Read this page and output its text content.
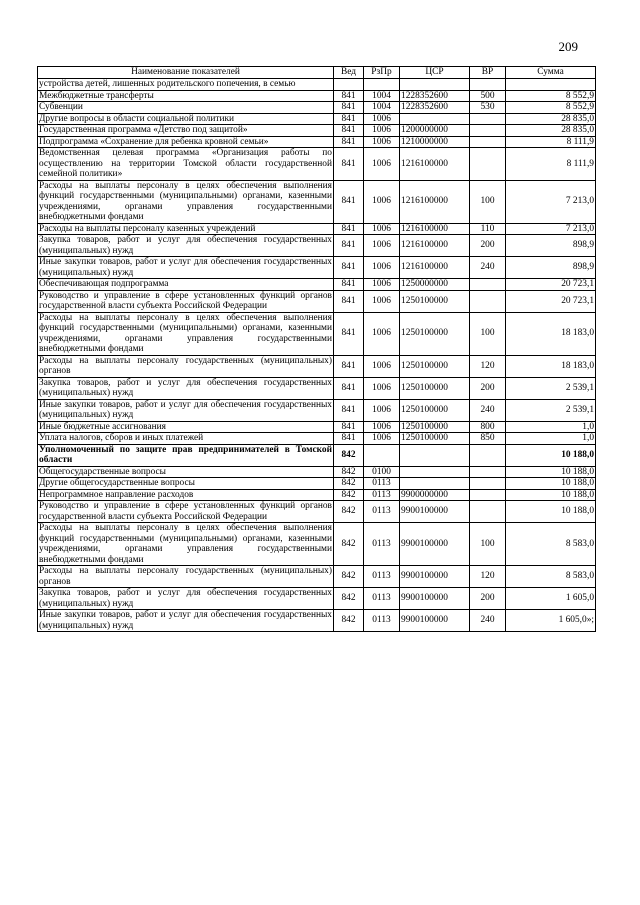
209
Наименование показателей	Вед	РзПр	ЦСР	ВР	Сумма
устройства детей, лишенных родительского попечения, в семью					
Межбюджетные трансферты	841	1004	1228352600	500	8 552,9
Субвенции	841	1004	1228352600	530	8 552,9
Другие вопросы в области социальной политики	841	1006			28 835,0
Государственная программа «Детство под защитой»	841	1006	1200000000		28 835,0
Подпрограмма «Сохранение для ребенка кровной семьи»	841	1006	1210000000		8 111,9
Ведомственная целевая программа «Организация работы по осуществлению на территории Томской области государственной семейной политики»	841	1006	1216100000		8 111,9
Расходы на выплаты персоналу в целях обеспечения выполнения функций государственными (муниципальными) органами, казенными учреждениями, органами управления государственными внебюджетными фондами	841	1006	1216100000	100	7 213,0
Расходы на выплаты персоналу казенных учреждений	841	1006	1216100000	110	7 213,0
Закупка товаров, работ и услуг для обеспечения государственных (муниципальных) нужд	841	1006	1216100000	200	898,9
Иные закупки товаров, работ и услуг для обеспечения государственных (муниципальных) нужд	841	1006	1216100000	240	898,9
Обеспечивающая подпрограмма	841	1006	1250000000		20 723,1
Руководство и управление в сфере установленных функций органов государственной власти субъекта Российской Федерации	841	1006	1250100000		20 723,1
Расходы на выплаты персоналу в целях обеспечения выполнения функций государственными (муниципальными) органами, казенными учреждениями, органами управления государственными внебюджетными фондами	841	1006	1250100000	100	18 183,0
Расходы на выплаты персоналу государственных (муниципальных) органов	841	1006	1250100000	120	18 183,0
Закупка товаров, работ и услуг для обеспечения государственных (муниципальных) нужд	841	1006	1250100000	200	2 539,1
Иные закупки товаров, работ и услуг для обеспечения государственных (муниципальных) нужд	841	1006	1250100000	240	2 539,1
Иные бюджетные ассигнования	841	1006	1250100000	800	1,0
Уплата налогов, сборов и иных платежей	841	1006	1250100000	850	1,0
Уполномоченный по защите прав предпринимателей в Томской области	842				10 188,0
Общегосударственные вопросы	842	0100			10 188,0
Другие общегосударственные вопросы	842	0113			10 188,0
Непрограммное направление расходов	842	0113	9900000000		10 188,0
Руководство и управление в сфере установленных функций органов государственной власти субъекта Российской Федерации	842	0113	9900100000		10 188,0
Расходы на выплаты персоналу в целях обеспечения выполнения функций государственными (муниципальными) органами, казенными учреждениями, органами управления государственными внебюджетными фондами	842	0113	9900100000	100	8 583,0
Расходы на выплаты персоналу государственных (муниципальных) органов	842	0113	9900100000	120	8 583,0
Закупка товаров, работ и услуг для обеспечения государственных (муниципальных) нужд	842	0113	9900100000	200	1 605,0
Иные закупки товаров, работ и услуг для обеспечения государственных (муниципальных) нужд	842	0113	9900100000	240	1 605,0»;
